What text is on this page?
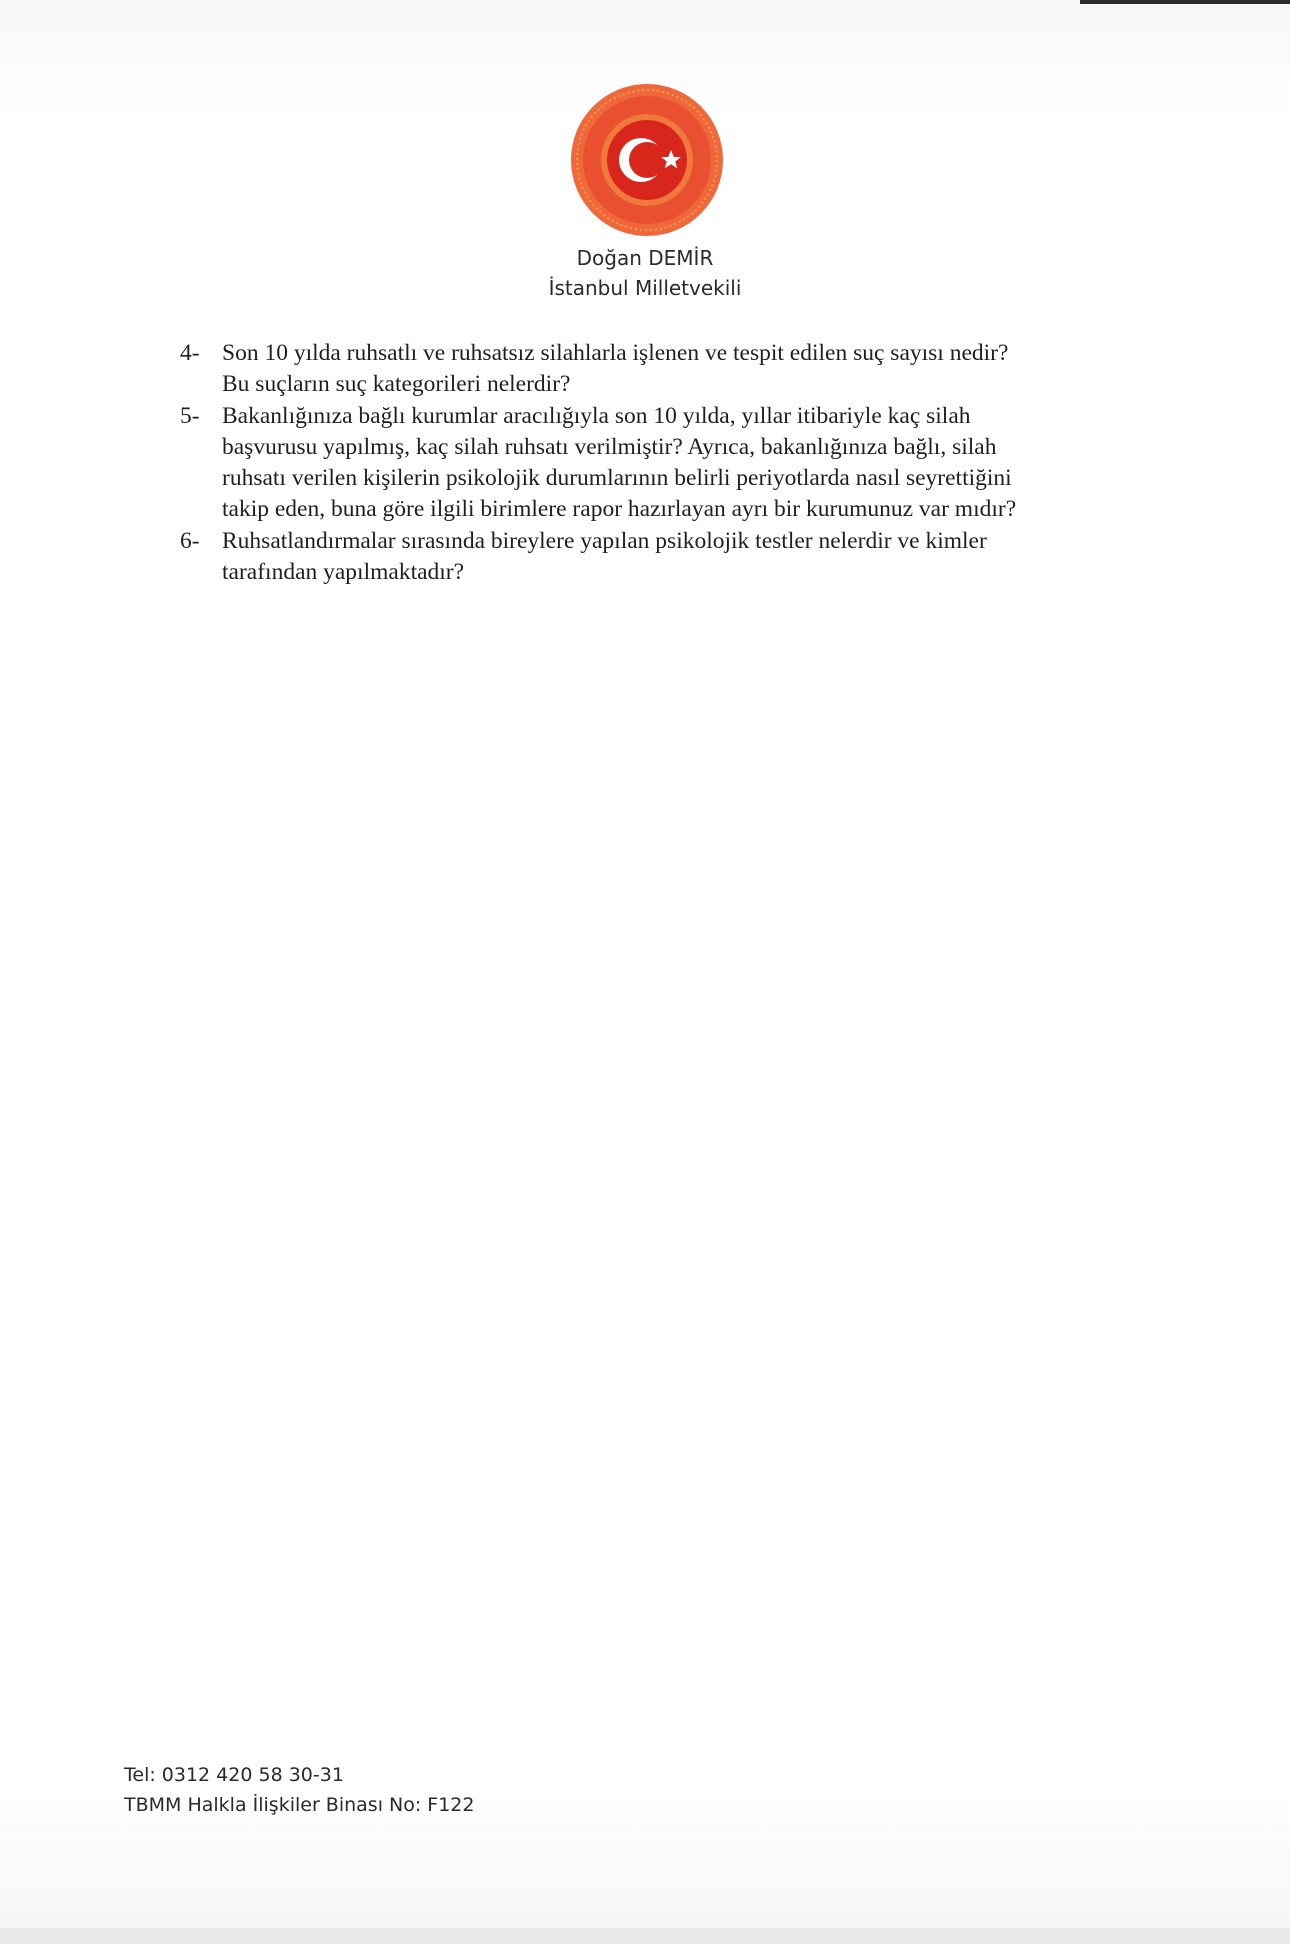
Doğan DEMİR
İstanbul Milletvekili
4- Son 10 yılda ruhsatlı ve ruhsatsız silahlarla işlenen ve tespit edilen suç sayısı nedir?
Bu suçların suç kategorileri nelerdir?
5- Bakanlığınıza bağlı kurumlar aracılığıyla son 10 yılda, yıllar itibariyle kaç silah
başvurusu yapılmış, kaç silah ruhsatı verilmiştir? Ayrıca, bakanlığınıza bağlı, silah
ruhsatı verilen kişilerin psikolojik durumlarının belirli periyotlarda nasıl seyrettiğini
takip eden, buna göre ilgili birimlere rapor hazırlayan ayrı bir kurumunuz var mıdır?
6- Ruhsatlandırmalar sırasında bireylere yapılan psikolojik testler nelerdir ve kimler
tarafından yapılmaktadır?
Tel: 0312 420 58 30-31
TBMM Halkla İlişkiler Binası No: F122
